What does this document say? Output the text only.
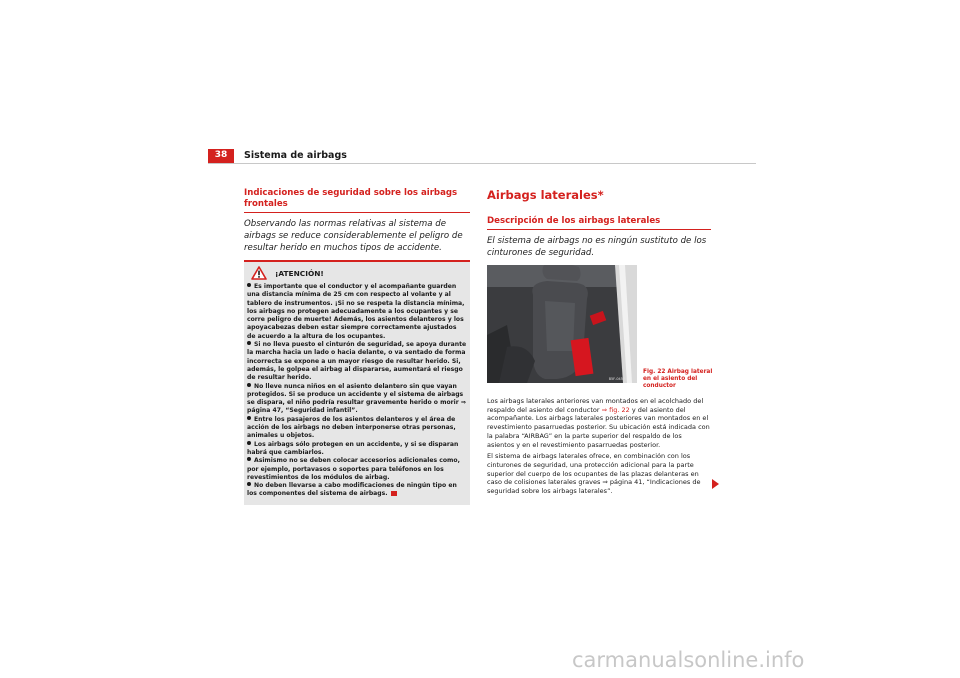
38	Sistema de airbags
Indicaciones de seguridad sobre los airbags frontales
Observando las normas relativas al sistema de airbags se reduce considerablemente el peligro de resultar herido en muchos tipos de accidente.
¡ATENCIÓN!
Es importante que el conductor y el acompañante guarden una distancia mínima de 25 cm con respecto al volante y al tablero de instrumentos. ¡Si no se respeta la distancia mínima, los airbags no protegen adecuadamente a los ocupantes y se corre peligro de muerte! Además, los asientos delanteros y los apoyacabezas deben estar siempre correctamente ajustados de acuerdo a la altura de los ocupantes.
Si no lleva puesto el cinturón de seguridad, se apoya durante la marcha hacia un lado o hacia delante, o va sentado de forma incorrecta se expone a un mayor riesgo de resultar herido. Si, además, le golpea el airbag al dispararse, aumentará el riesgo de resultar herido.
No lleve nunca niños en el asiento delantero sin que vayan protegidos. Si se produce un accidente y el sistema de airbags se dispara, el niño podría resultar gravemente herido o morir ⇒ página 47, “Seguridad infantil”.
Entre los pasajeros de los asientos delanteros y el área de acción de los airbags no deben interponerse otras personas, animales u objetos.
Los airbags sólo protegen en un accidente, y si se disparan habrá que cambiarlos.
Asimismo no se deben colocar accesorios adicionales como, por ejemplo, portavasos o soportes para teléfonos en los revestimientos de los módulos de airbag.
No deben llevarse a cabo modificaciones de ningún tipo en los componentes del sistema de airbags.
Airbags laterales*
Descripción de los airbags laterales
El sistema de airbags no es ningún sustituto de los cinturones de seguridad.
B5F-0457
Fig. 22 Airbag lateral en el asiento del conductor

Los airbags laterales anteriores van montados en el acolchado del respaldo del asiento del conductor ⇒ fig. 22 y del asiento del acompañante. Los airbags laterales posteriores van montados en el revestimiento pasarruedas posterior. Su ubicación está indicada con la palabra “AIRBAG” en la parte superior del respaldo de los asientos y en el revestimiento pasarruedas posterior.

El sistema de airbags laterales ofrece, en combinación con los cinturones de seguridad, una protección adicional para la parte superior del cuerpo de los ocupantes de las plazas delanteras en caso de colisiones laterales graves ⇒ página 41, “Indicaciones de seguridad sobre los airbags laterales”.

carmanualsonline.info
